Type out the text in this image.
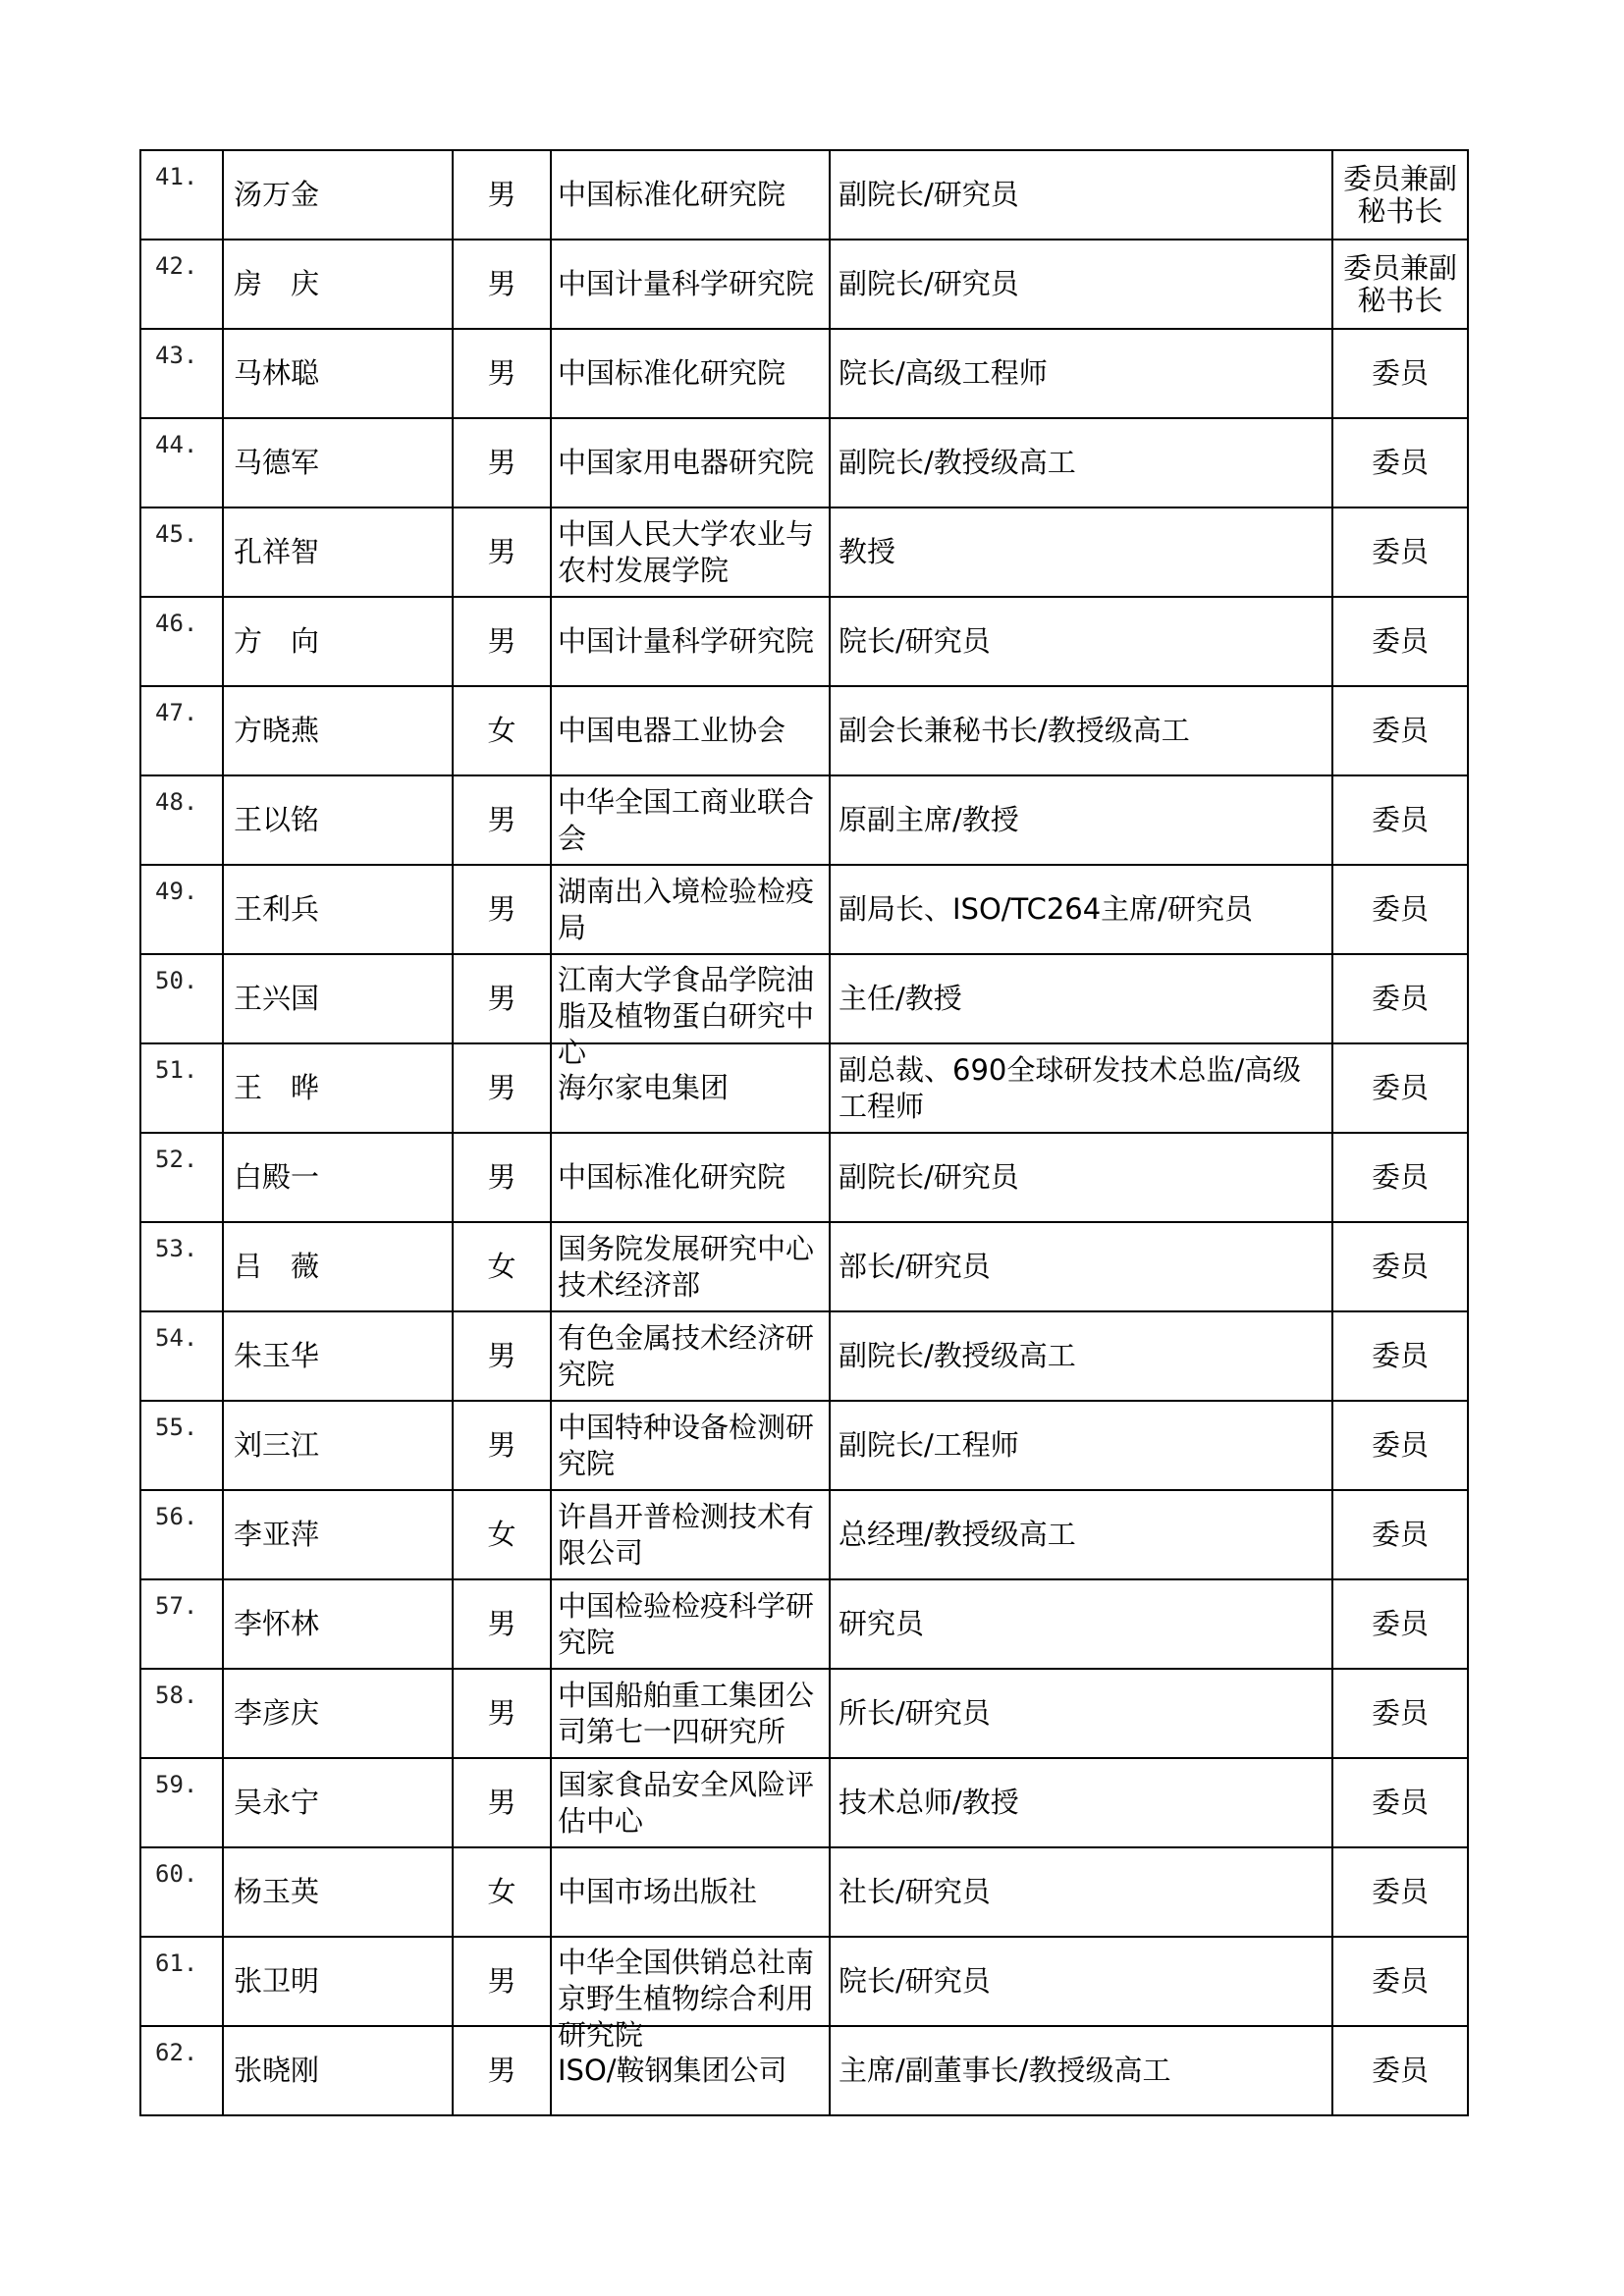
41.	汤万金	男	中国标准化研究院	副院长/研究员	委员兼副秘书长

42.	房　庆	男	中国计量科学研究院	副院长/研究员	委员兼副秘书长

43.	马林聪	男	中国标准化研究院	院长/高级工程师	委员

44.	马德军	男	中国家用电器研究院	副院长/教授级高工	委员

45.	孔祥智	男	中国人民大学农业与农村发展学院	教授	委员

46.	方　向	男	中国计量科学研究院	院长/研究员	委员

47.	方晓燕	女	中国电器工业协会	副会长兼秘书长/教授级高工	委员

48.	王以铭	男	中华全国工商业联合会	原副主席/教授	委员

49.	王利兵	男	湖南出入境检验检疫局	副局长、ISO/TC264主席/研究员	委员

50.	王兴国	男	江南大学食品学院油脂及植物蛋白研究中心	主任/教授	委员

51.	王　晔	男	海尔家电集团	副总裁、690全球研发技术总监/高级工程师	委员

52.	白殿一	男	中国标准化研究院	副院长/研究员	委员

53.	吕　薇	女	国务院发展研究中心技术经济部	部长/研究员	委员

54.	朱玉华	男	有色金属技术经济研究院	副院长/教授级高工	委员

55.	刘三江	男	中国特种设备检测研究院	副院长/工程师	委员

56.	李亚萍	女	许昌开普检测技术有限公司	总经理/教授级高工	委员

57.	李怀林	男	中国检验检疫科学研究院	研究员	委员

58.	李彦庆	男	中国船舶重工集团公司第七一四研究所	所长/研究员	委员

59.	吴永宁	男	国家食品安全风险评估中心	技术总师/教授	委员

60.	杨玉英	女	中国市场出版社	社长/研究员	委员

61.	张卫明	男	中华全国供销总社南京野生植物综合利用研究院	院长/研究员	委员

62.	张晓刚	男	ISO/鞍钢集团公司	主席/副董事长/教授级高工	委员
